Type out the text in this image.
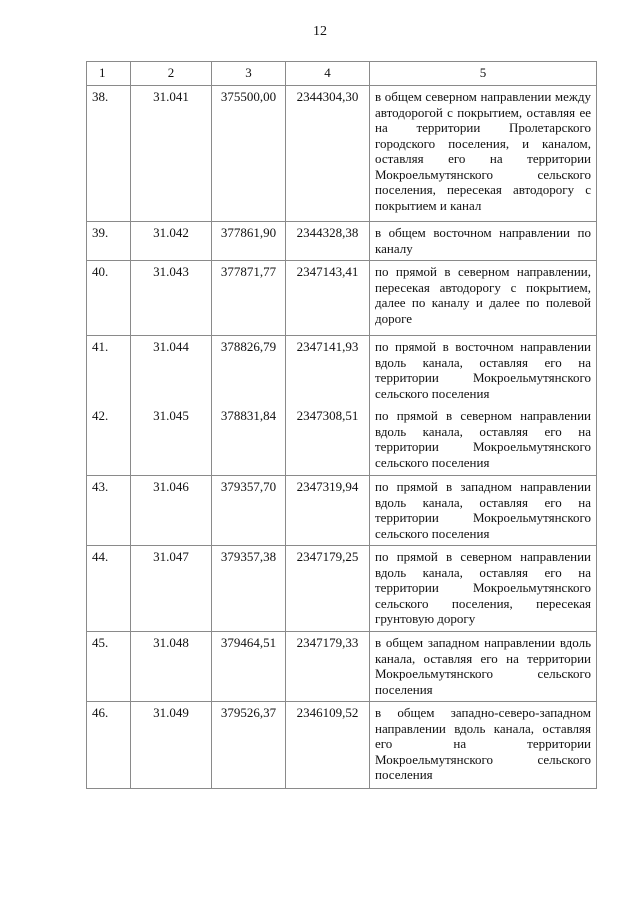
12
1	2	3	4	5
38.	31.041	375500,00	2344304,30	в общем северном направлении между автодорогой с покрытием, оставляя ее на территории Пролетарского городского поселения, и каналом, оставляя его на территории Мокроельмутянского сельского поселения, пересекая автодорогу с покрытием и канал
39.	31.042	377861,90	2344328,38	в общем восточном направлении по каналу
40.	31.043	377871,77	2347143,41	по прямой в северном направлении, пересекая автодорогу с покрытием, далее по каналу и далее по полевой дороге
41.	31.044	378826,79	2347141,93	по прямой в восточном направлении вдоль канала, оставляя его на территории Мокроельмутянского сельского поселения
42.	31.045	378831,84	2347308,51	по прямой в северном направлении вдоль канала, оставляя его на территории Мокроельмутянского сельского поселения
43.	31.046	379357,70	2347319,94	по прямой в западном направлении вдоль канала, оставляя его на территории Мокроельмутянского сельского поселения
44.	31.047	379357,38	2347179,25	по прямой в северном направлении вдоль канала, оставляя его на территории Мокроельмутянского сельского поселения, пересекая грунтовую дорогу
45.	31.048	379464,51	2347179,33	в общем западном направлении вдоль канала, оставляя его на территории Мокроельмутянского сельского поселения
46.	31.049	379526,37	2346109,52	в общем западно-северо-западном направлении вдоль канала, оставляя его на территории Мокроельмутянского сельского поселения
